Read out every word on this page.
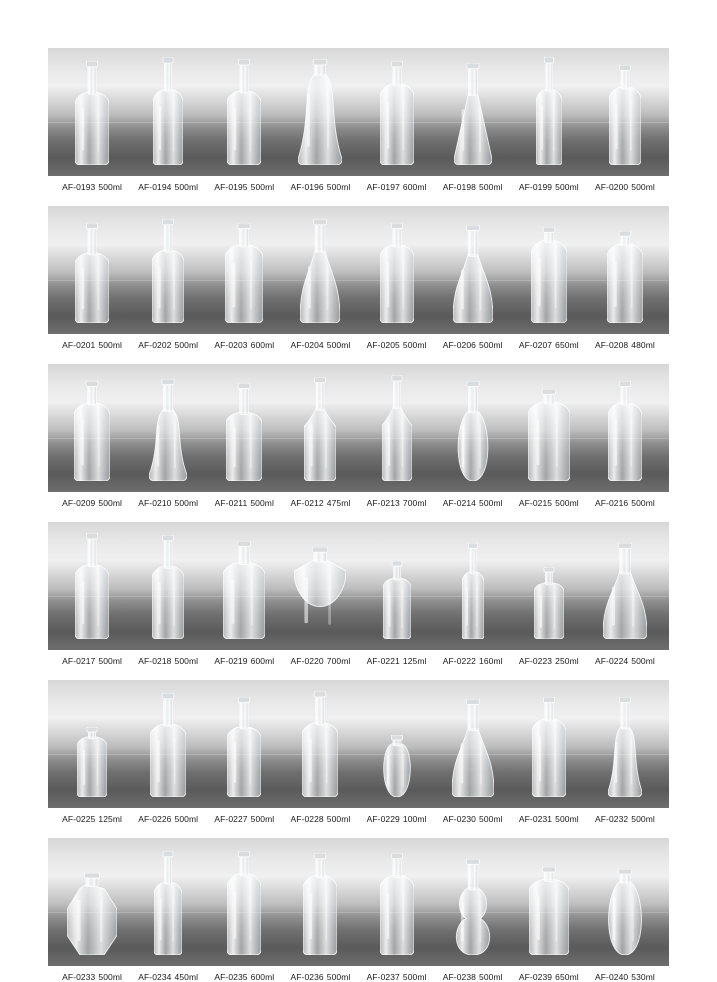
AF-0193 500ml	AF-0194 500ml	AF-0195 500ml	AF-0196 500ml	AF-0197 600ml	AF-0198 500ml	AF-0199 500ml	AF-0200 500ml
AF-0201 500ml	AF-0202 500ml	AF-0203 600ml	AF-0204 500ml	AF-0205 500ml	AF-0206 500ml	AF-0207 650ml	AF-0208 480ml
AF-0209 500ml	AF-0210 500ml	AF-0211 500ml	AF-0212 475ml	AF-0213 700ml	AF-0214 500ml	AF-0215 500ml	AF-0216 500ml
AF-0217 500ml	AF-0218 500ml	AF-0219 600ml	AF-0220 700ml	AF-0221 125ml	AF-0222 160ml	AF-0223 250ml	AF-0224 500ml
AF-0225 125ml	AF-0226 500ml	AF-0227 500ml	AF-0228 500ml	AF-0229 100ml	AF-0230 500ml	AF-0231 500ml	AF-0232 500ml
AF-0233 500ml	AF-0234 450ml	AF-0235 600ml	AF-0236 500ml	AF-0237 500ml	AF-0238 500ml	AF-0239 650ml	AF-0240 530ml
